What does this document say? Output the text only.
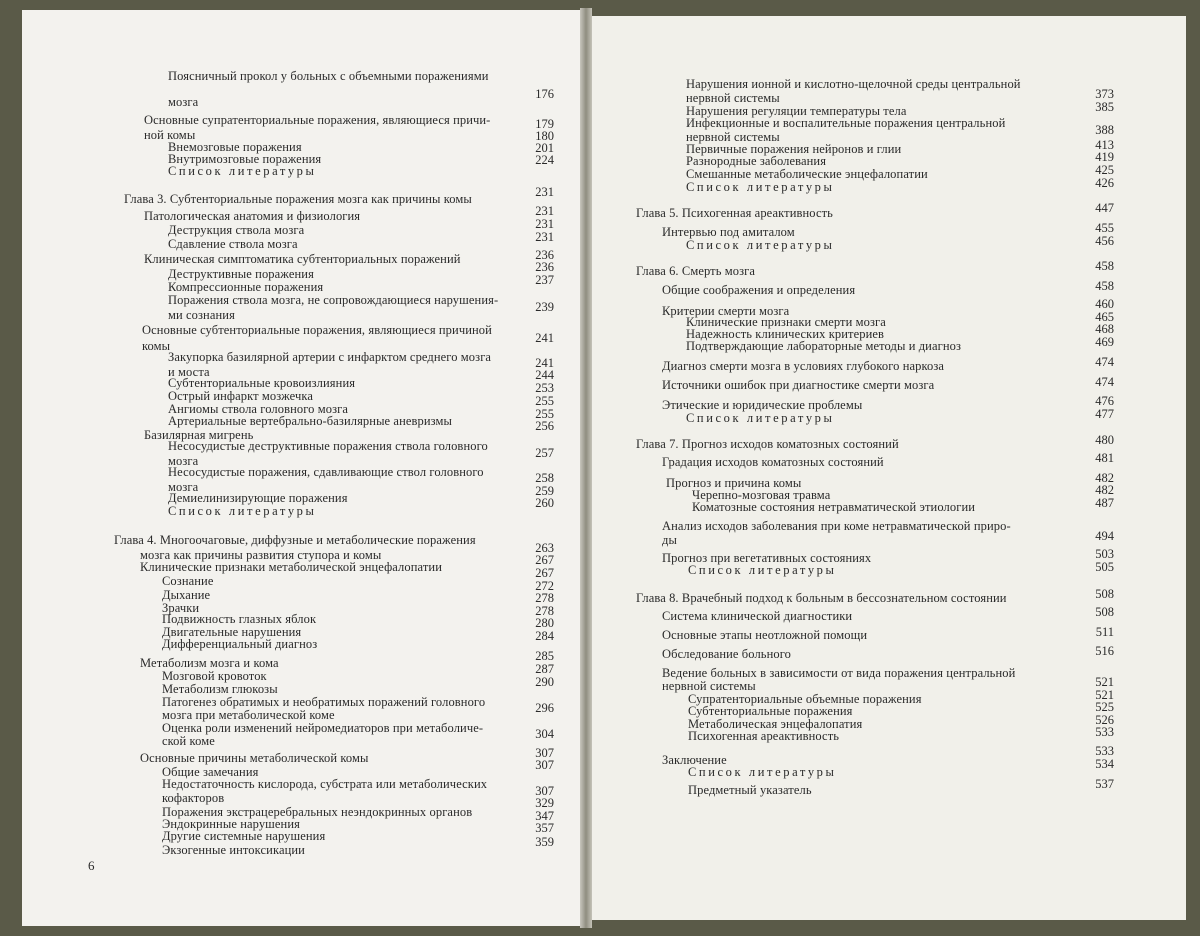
6
Поясничный прокол у больных с объемными поражениями
мозга
Основные супратенториальные поражения, являющиеся причи-
ной комы
Внемозговые поражения
Внутримозговые поражения
Список литературы
Глава 3. Субтенториальные поражения мозга как причины комы
Патологическая анатомия и физиология
Деструкция ствола мозга
Сдавление ствола мозга
Клиническая симптоматика субтенториальных поражений
Деструктивные поражения
Компрессионные поражения
Поражения ствола мозга, не сопровождающиеся нарушения-
ми сознания
Основные субтенториальные поражения, являющиеся причиной
комы
Закупорка базилярной артерии с инфарктом среднего мозга
и моста
Субтенториальные кровоизлияния
Острый инфаркт мозжечка
Ангиомы ствола головного мозга
Артериальные вертебрально-базилярные аневризмы
Базилярная мигрень
Несосудистые деструктивные поражения ствола головного
мозга
Несосудистые поражения, сдавливающие ствол головного
мозга
Демиелинизирующие поражения
Список литературы
Глава 4. Многоочаговые, диффузные и метаболические поражения
мозга как причины развития ступора и комы
Клинические признаки метаболической энцефалопатии
Сознание
Дыхание
Зрачки
Подвижность глазных яблок
Двигательные нарушения
Дифференциальный диагноз
Метаболизм мозга и кома
Мозговой кровоток
Метаболизм глюкозы
Патогенез обратимых и необратимых поражений головного
мозга при метаболической коме
Оценка роли изменений нейромедиаторов при метаболиче-
ской коме
Основные причины метаболической комы
Общие замечания
Недостаточность кислорода, субстрата или метаболических
кофакторов
Поражения экстрацеребральных неэндокринных органов
Эндокринные нарушения
Другие системные нарушения
Экзогенные интоксикации
176
179
180
201
224
231
231
231
231
236
236
237
239
241
241
244
253
255
255
256
257
258
259
260
263
267
267
272
278
278
280
284
285
287
290
296
304
307
307
307
329
347
357
359
Нарушения ионной и кислотно-щелочной среды центральной
нервной системы
Нарушения регуляции температуры тела
Инфекционные и воспалительные поражения центральной
нервной системы
Первичные поражения нейронов и глии
Разнородные заболевания
Смешанные метаболические энцефалопатии
Список литературы
Глава 5. Психогенная ареактивность
Интервью под амиталом
Список литературы
Глава 6. Смерть мозга
Общие соображения и определения
Критерии смерти мозга
Клинические признаки смерти мозга
Надежность клинических критериев
Подтверждающие лабораторные методы и диагноз
Диагноз смерти мозга в условиях глубокого наркоза
Источники ошибок при диагностике смерти мозга
Этические и юридические проблемы
Список литературы
Глава 7. Прогноз исходов коматозных состояний
Градация исходов коматозных состояний
Прогноз и причина комы
Черепно-мозговая травма
Коматозные состояния нетравматической этиологии
Анализ исходов заболевания при коме нетравматической приро-
ды
Прогноз при вегетативных состояниях
Список литературы
Глава 8. Врачебный подход к больным в бессознательном состоянии
Система клинической диагностики
Основные этапы неотложной помощи
Обследование больного
Ведение больных в зависимости от вида поражения центральной
нервной системы
Супратенториальные объемные поражения
Субтенториальные поражения
Метаболическая энцефалопатия
Психогенная ареактивность
Заключение
Список литературы
Предметный указатель
373
385
388
413
419
425
426
447
455
456
458
458
460
465
468
469
474
474
476
477
480
481
482
482
487
494
503
505
508
508
511
516
521
521
525
526
533
533
534
537
